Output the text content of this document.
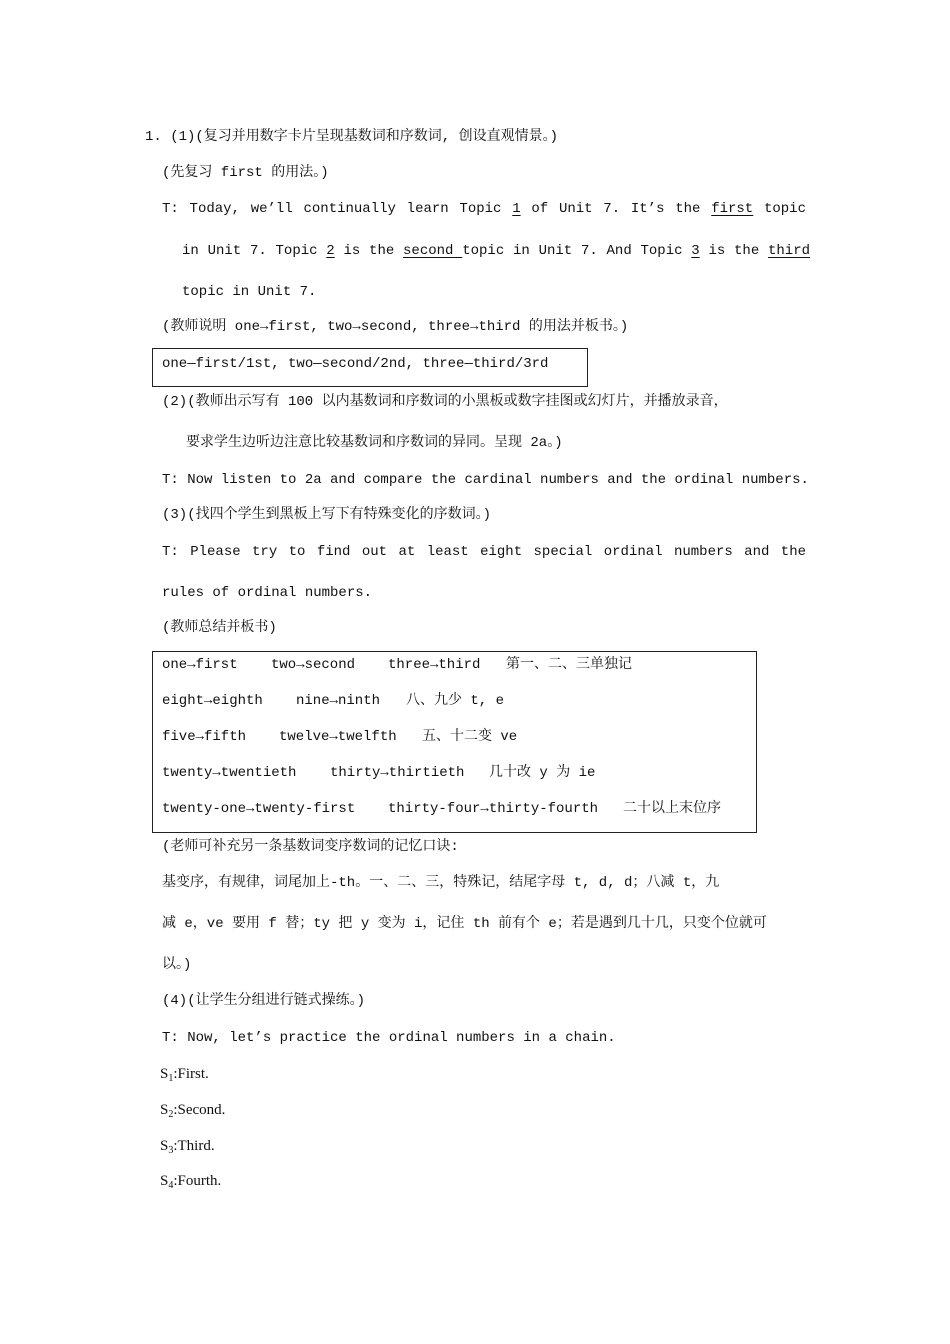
1. (1)(复习并用数字卡片呈现基数词和序数词, 创设直观情景。)
(先复习 first 的用法。)
T: Today, we’ll continually learn Topic 1 of Unit 7. It’s the first topic
in Unit 7. Topic 2 is the second topic in Unit 7. And Topic 3 is the third
topic in Unit 7.
(教师说明 one→first, two→second, three→third 的用法并板书。)
one—first/1st, two—second/2nd, three—third/3rd
(2)(教师出示写有 100 以内基数词和序数词的小黑板或数字挂图或幻灯片，并播放录音，
要求学生边听边注意比较基数词和序数词的异同。呈现 2a。)
T: Now listen to 2a and compare the cardinal numbers and the ordinal numbers.
(3)(找四个学生到黑板上写下有特殊变化的序数词。)
T: Please try to find out at least eight special ordinal numbers and the
rules of ordinal numbers.
(教师总结并板书)
one→first two→second three→third 第一、二、三单独记
eight→eighth nine→ninth 八、九少 t, e
five→fifth twelve→twelfth 五、十二变 ve
twenty→twentieth thirty→thirtieth 几十改 y 为 ie
twenty-one→twenty-first thirty-four→thirty-fourth 二十以上末位序
(老师可补充另一条基数词变序数词的记忆口诀:
基变序，有规律，词尾加上-th。一、二、三，特殊记，结尾字母 t, d, d；八减 t，九
减 e，ve 要用 f 替；ty 把 y 变为 i，记住 th 前有个 e；若是遇到几十几，只变个位就可
以。)
(4)(让学生分组进行链式操练。)
T: Now, let’s practice the ordinal numbers in a chain.
$S_1:First$.
$S_2:Second$.
$S_3:Third$.
$S_4:Fourth$.
